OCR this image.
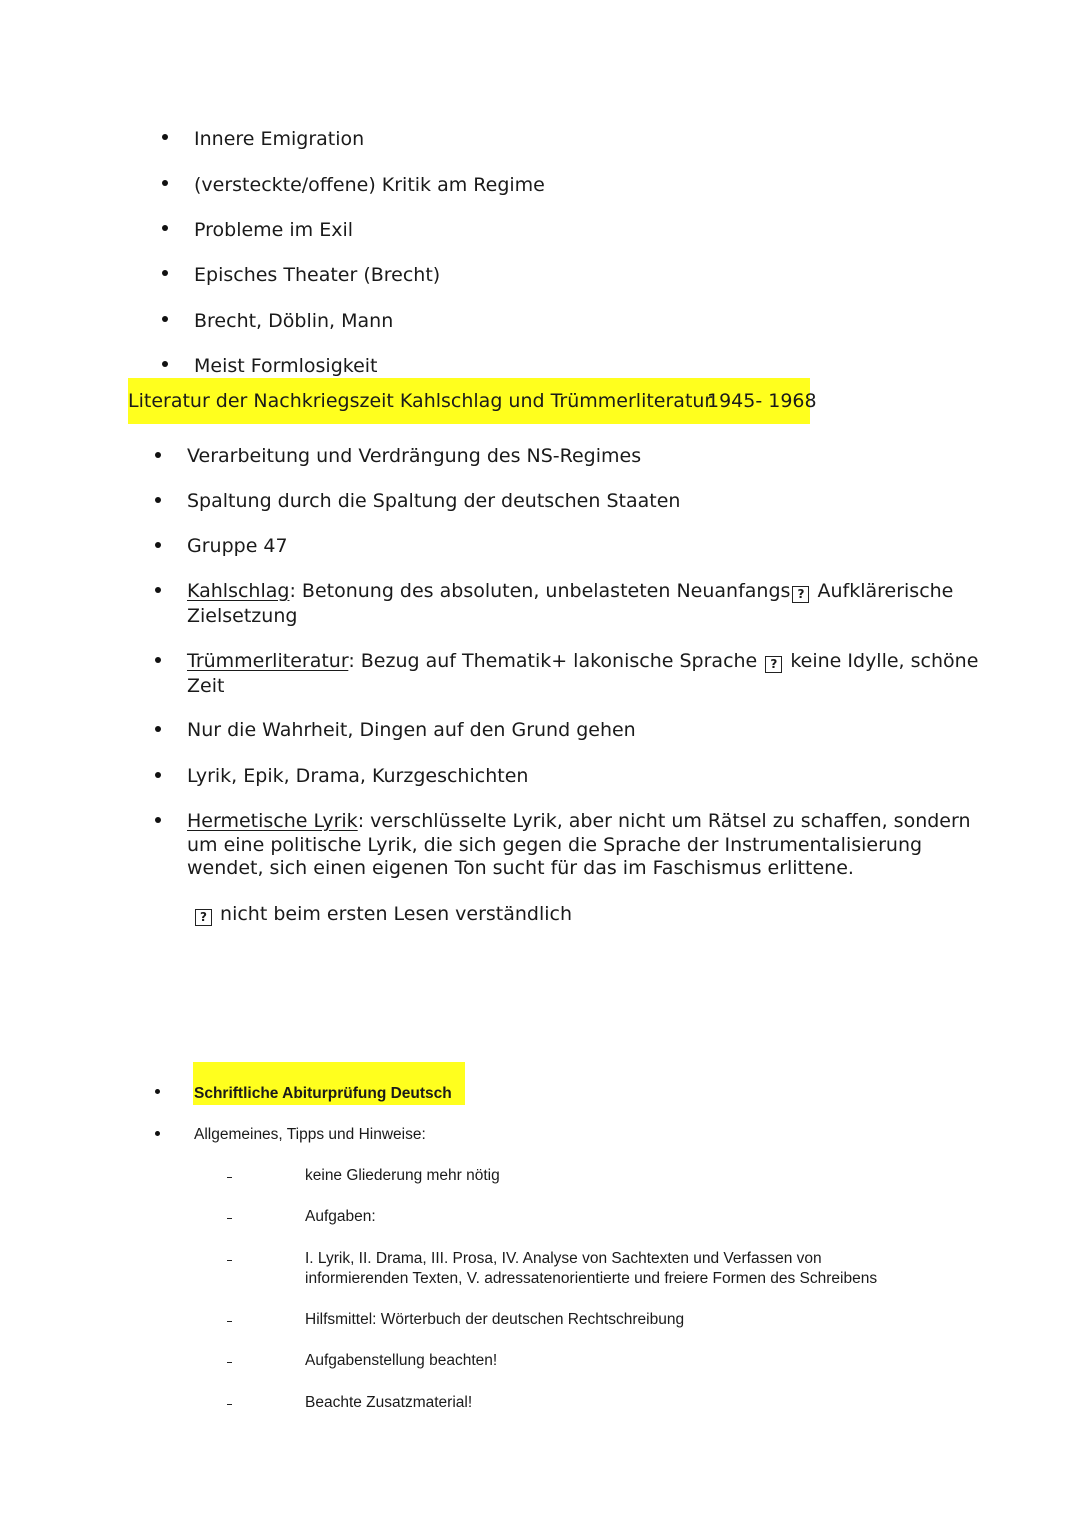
Innere Emigration
(versteckte/offene) Kritik am Regime
Probleme im Exil
Episches Theater (Brecht)
Brecht, Döblin, Mann
Meist Formlosigkeit
Literatur der Nachkriegszeit Kahlschlag und Trümmerliteratur
1945- 1968
Verarbeitung und Verdrängung des NS-Regimes
Spaltung durch die Spaltung der deutschen Staaten
Gruppe 47
Kahlschlag: Betonung des absoluten, unbelasteten Neuanfangs ? Aufklärerische
Zielsetzung
Trümmerliteratur: Bezug auf Thematik+ lakonische Sprache ? keine Idylle, schöne
Zeit
Nur die Wahrheit, Dingen auf den Grund gehen
Lyrik, Epik, Drama, Kurzgeschichten
Hermetische Lyrik: verschlüsselte Lyrik, aber nicht um Rätsel zu schaffen, sondern
um eine politische Lyrik, die sich gegen die Sprache der Instrumentalisierung
wendet, sich einen eigenen Ton sucht für das im Faschismus erlittene.
? nicht beim ersten Lesen verständlich
Schriftliche Abiturprüfung Deutsch
Allgemeines, Tipps und Hinweise:
keine Gliederung mehr nötig
Aufgaben:
I. Lyrik, II. Drama, III. Prosa, IV. Analyse von Sachtexten und Verfassen von
informierenden Texten, V. adressatenorientierte und freiere Formen des Schreibens
Hilfsmittel: Wörterbuch der deutschen Rechtschreibung
Aufgabenstellung beachten!
Beachte Zusatzmaterial!
